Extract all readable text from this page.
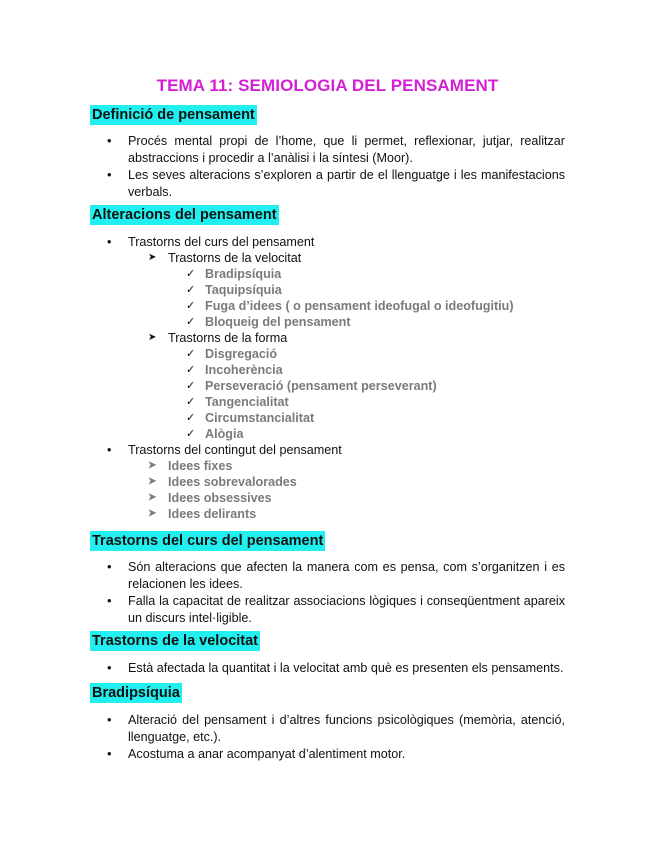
TEMA 11: SEMIOLOGIA DEL PENSAMENT
Definició de pensament
• Procés mental propi de l’home, que li permet, reflexionar, jutjar, realitzar abstraccions i procedir a l’anàlisi i la síntesi (Moor).
• Les seves alteracions s’exploren a partir de el llenguatge i les manifestacions verbals.
Alteracions del pensament
• Trastorns del curs del pensament
➤ Trastorns de la velocitat
✓ Bradipsíquia
✓ Taquipsíquia
✓ Fuga d’idees ( o pensament ideofugal o ideofugitiu)
✓ Bloqueig del pensament
➤ Trastorns de la forma
✓ Disgregació
✓ Incoherència
✓ Perseveració (pensament perseverant)
✓ Tangencialitat
✓ Circumstancialitat
✓ Alògia
• Trastorns del contingut del pensament
➤ Idees fixes
➤ Idees sobrevalorades
➤ Idees obsessives
➤ Idees delirants
Trastorns del curs del pensament
• Són alteracions que afecten la manera com es pensa, com s’organitzen i es relacionen les idees.
• Falla la capacitat de realitzar associacions lògiques i conseqüentment apareix un discurs intel·ligible.
Trastorns de la velocitat
• Està afectada la quantitat i la velocitat amb què es presenten els pensaments.
Bradipsíquia
• Alteració del pensament i d’altres funcions psicològiques (memòria, atenció, llenguatge, etc.).
• Acostuma a anar acompanyat d’alentiment motor.
